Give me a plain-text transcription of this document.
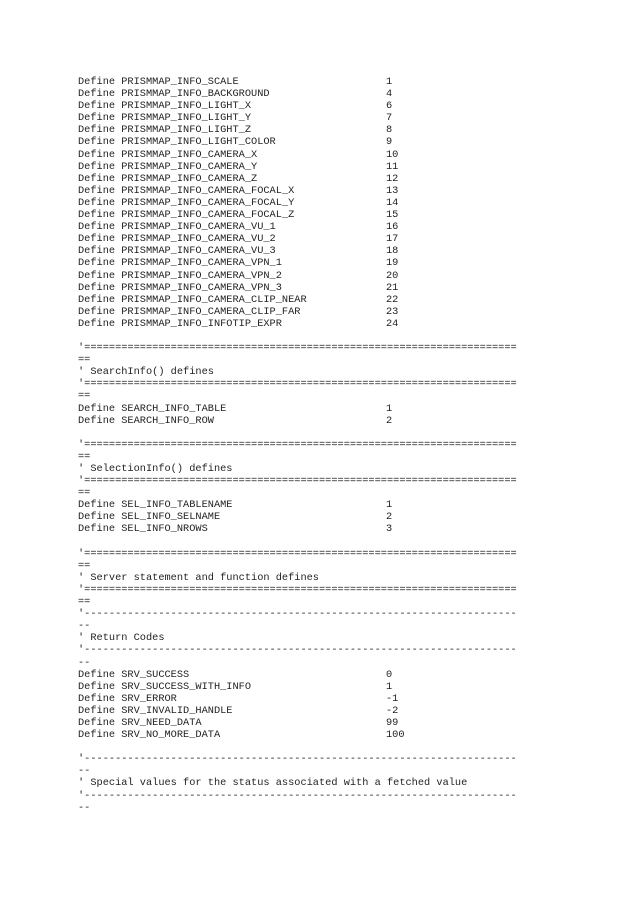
Define PRISMMAP_INFO_SCALE	1
Define PRISMMAP_INFO_BACKGROUND	4
Define PRISMMAP_INFO_LIGHT_X	6
Define PRISMMAP_INFO_LIGHT_Y	7
Define PRISMMAP_INFO_LIGHT_Z	8
Define PRISMMAP_INFO_LIGHT_COLOR	9
Define PRISMMAP_INFO_CAMERA_X	10
Define PRISMMAP_INFO_CAMERA_Y	11
Define PRISMMAP_INFO_CAMERA_Z	12
Define PRISMMAP_INFO_CAMERA_FOCAL_X	13
Define PRISMMAP_INFO_CAMERA_FOCAL_Y	14
Define PRISMMAP_INFO_CAMERA_FOCAL_Z	15
Define PRISMMAP_INFO_CAMERA_VU_1	16
Define PRISMMAP_INFO_CAMERA_VU_2	17
Define PRISMMAP_INFO_CAMERA_VU_3	18
Define PRISMMAP_INFO_CAMERA_VPN_1	19
Define PRISMMAP_INFO_CAMERA_VPN_2	20
Define PRISMMAP_INFO_CAMERA_VPN_3	21
Define PRISMMAP_INFO_CAMERA_CLIP_NEAR	22
Define PRISMMAP_INFO_CAMERA_CLIP_FAR	23
Define PRISMMAP_INFO_INFOTIP_EXPR	24
'======================================================================
==
' SearchInfo() defines
'======================================================================
==
Define SEARCH_INFO_TABLE	1
Define SEARCH_INFO_ROW	2
'======================================================================
==
' SelectionInfo() defines
'======================================================================
==
Define SEL_INFO_TABLENAME	1
Define SEL_INFO_SELNAME	2
Define SEL_INFO_NROWS	3
'======================================================================
==
' Server statement and function defines
'======================================================================
==
'----------------------------------------------------------------------
--
' Return Codes
'----------------------------------------------------------------------
--
Define SRV_SUCCESS	0
Define SRV_SUCCESS_WITH_INFO	1
Define SRV_ERROR	-1
Define SRV_INVALID_HANDLE	-2
Define SRV_NEED_DATA	99
Define SRV_NO_MORE_DATA	100
'----------------------------------------------------------------------
--
' Special values for the status associated with a fetched value
'----------------------------------------------------------------------
--
